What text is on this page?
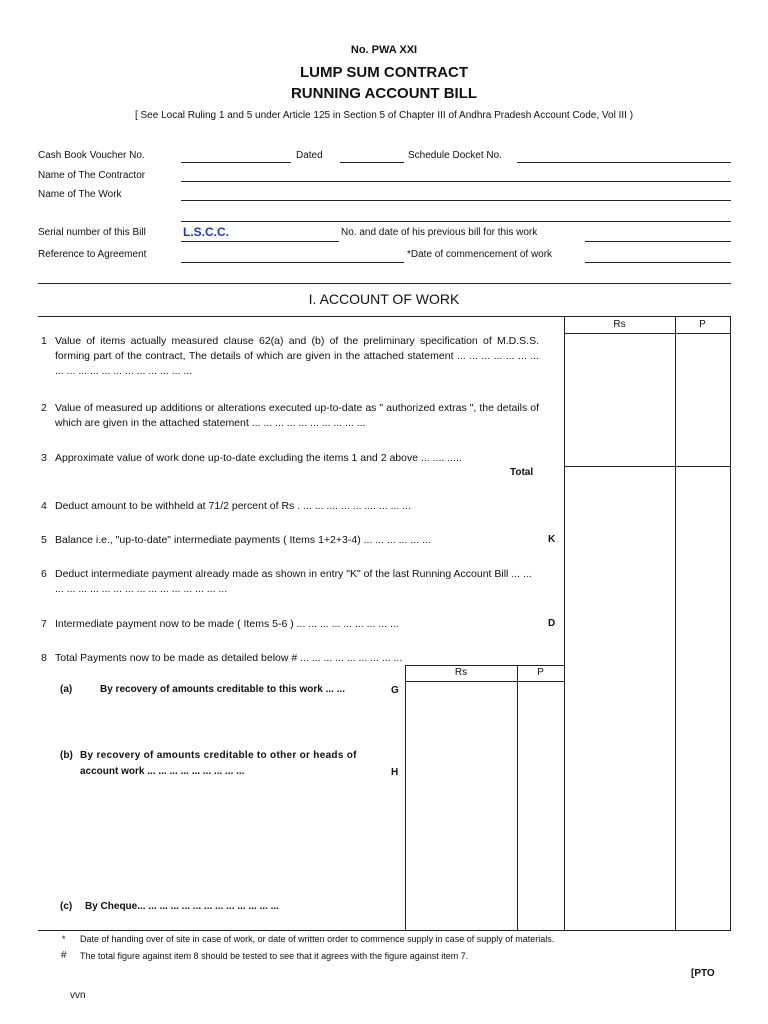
No. PWA XXI
LUMP SUM CONTRACT
RUNNING ACCOUNT BILL
[ See Local Ruling 1 and 5 under Article 125 in Section 5 of Chapter III of Andhra Pradesh Account Code, Vol III )
Cash Book Voucher No.	Dated	Schedule Docket No.
Name of The Contractor
Name of The Work
Serial number of this Bill	L.S.C.C.	No. and date of his previous bill for this work
Reference to Agreement	*Date of commencement of work
I. ACCOUNT OF WORK
Rs	P
1 Value of items actually measured clause 62(a) and (b) of the preliminary specification of M.D.S.S. forming part of the contract, The details of which are given in the attached statement ... ... ... ... ... ... ... ... ... ... ... ... ... ... ... ... ... ... ...
2 Value of measured up additions or alterations executed up-to-date as " authorized extras ", the details of which are given in the attached statement ... ... ... ... ... ... ... ... ... ...
3 Approximate value of work done up-to-date excluding the items 1 and 2 above ... .... .....
Total
4 Deduct amount to be withheld at 71/2 percent of Rs . ... ... .... ... ... .... ... ... ...
5 Balance i.e., "up-to-date" intermediate payments ( Items 1+2+3-4) ... ... ... ... ... ...	K
6 Deduct intermediate payment already made as shown in entry "K" of the last Running Account Bill ... ... ... ... ... ... ... ... ... ... ... ... ... ... ... ... ...
7 Intermediate payment now to be made ( Items 5-6 ) ... ... ... ... ... ... ... ... ...	D
8 Total Payments now to be made as detailed below # ... ... ... ... ... ... ... ... ...
Rs	P
(a)	By recovery of amounts creditable to this work ... ...	G
(b) By recovery of amounts creditable to other or heads of
account work ... ... ... ... ... ... ... ... ...	H
(c) By Cheque... ... ... ... ... ... ... ... ... ... ... ... ...
* Date of handing over of site in case of work, or date of written order to commence supply in case of supply of materials.
# The total figure against item 8 should be tested to see that it agrees with the figure against item 7.
[PTO
vvn
